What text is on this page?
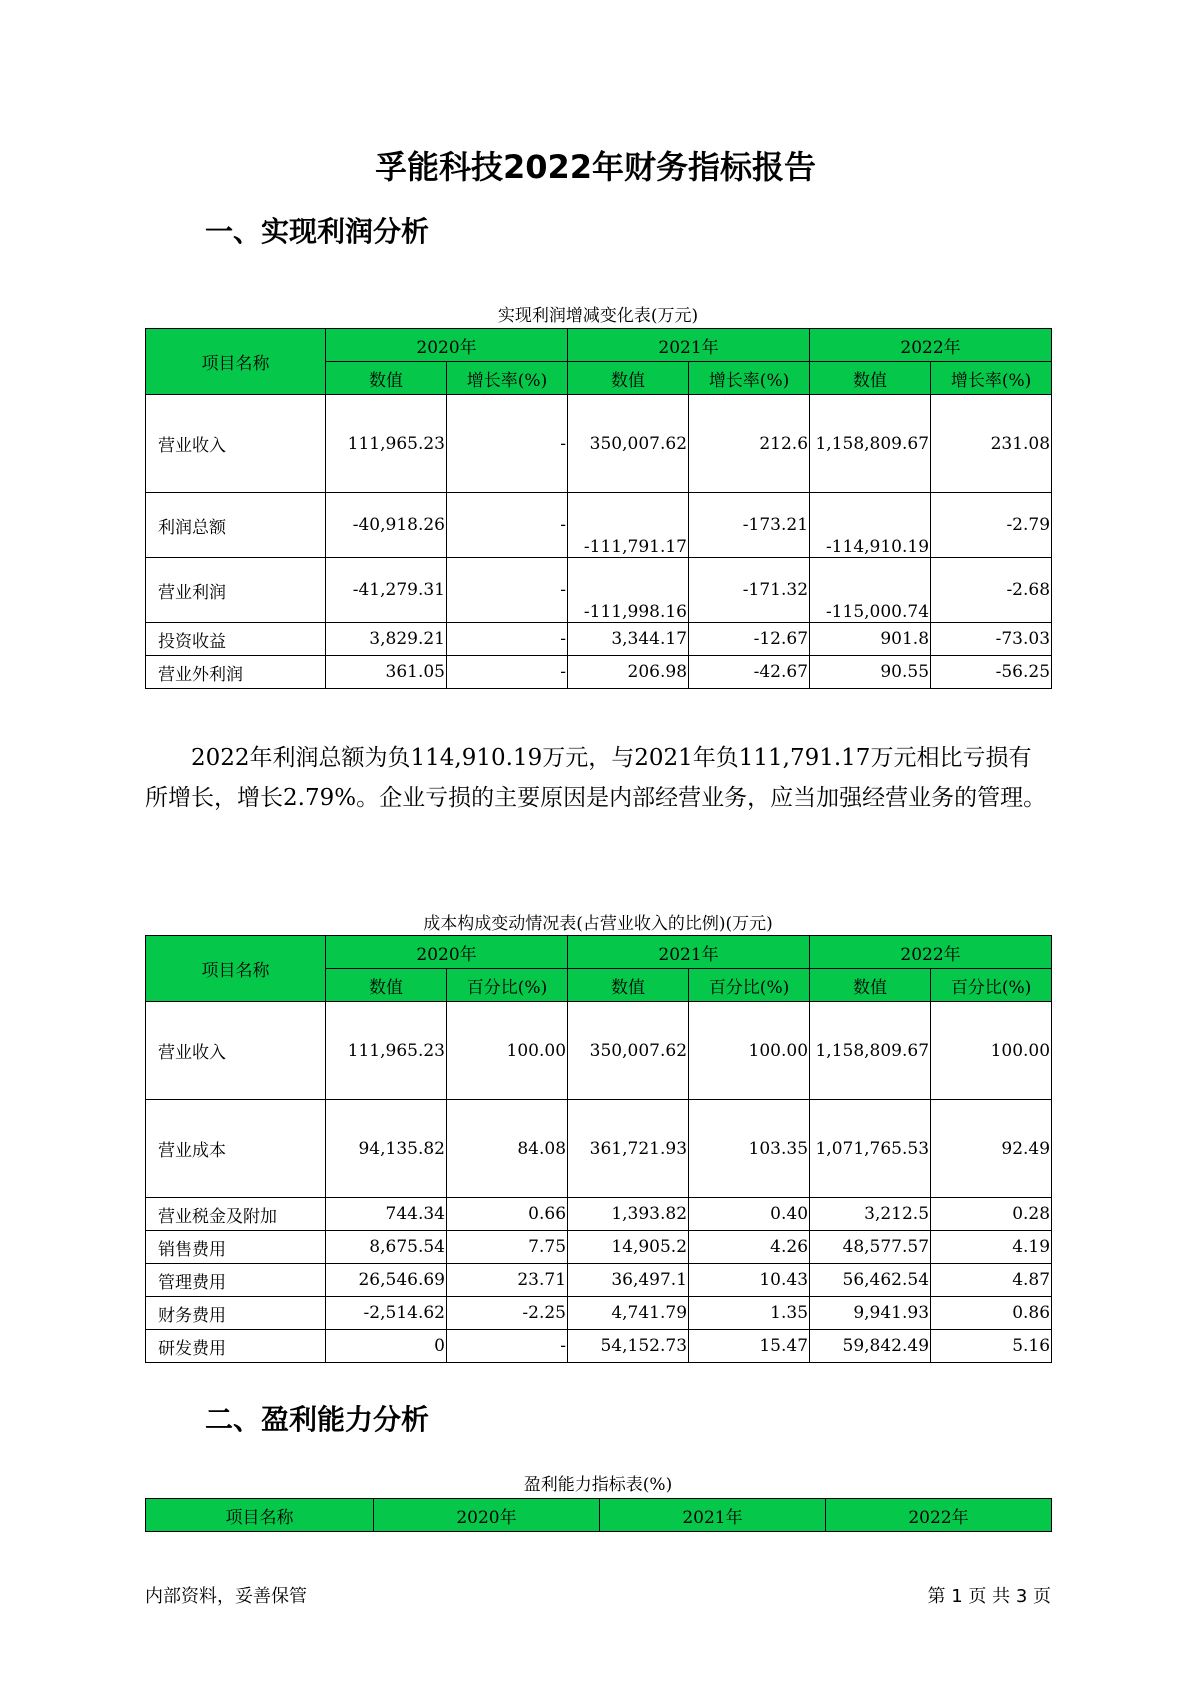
孚能科技2022年财务指标报告
一、实现利润分析
实现利润增减变化表(万元)
项目名称	2020年		2021年		2022年	
	数值	增长率(%)	数值	增长率(%)	数值	增长率(%)
营业收入	111,965.23	-	350,007.62	212.6	1,158,809.67	231.08
利润总额	-40,918.26	-	-111,791.17	-173.21	-114,910.19	-2.79
营业利润	-41,279.31	-	-111,998.16	-171.32	-115,000.74	-2.68
投资收益	3,829.21	-	3,344.17	-12.67	901.8	-73.03
营业外利润	361.05	-	206.98	-42.67	90.55	-56.25

2022年利润总额为负114,910.19万元，与2021年负111,791.17万元相比亏损有所增长，增长2.79%。企业亏损的主要原因是内部经营业务，应当加强经营业务的管理。

成本构成变动情况表(占营业收入的比例)(万元)
项目名称	2020年		2021年		2022年	
	数值	百分比(%)	数值	百分比(%)	数值	百分比(%)
营业收入	111,965.23	100.00	350,007.62	100.00	1,158,809.67	100.00
营业成本	94,135.82	84.08	361,721.93	103.35	1,071,765.53	92.49
营业税金及附加	744.34	0.66	1,393.82	0.40	3,212.5	0.28
销售费用	8,675.54	7.75	14,905.2	4.26	48,577.57	4.19
管理费用	26,546.69	23.71	36,497.1	10.43	56,462.54	4.87
财务费用	-2,514.62	-2.25	4,741.79	1.35	9,941.93	0.86
研发费用	0	-	54,152.73	15.47	59,842.49	5.16
二、盈利能力分析
盈利能力指标表(%)
项目名称	2020年	2021年	2022年
内部资料，妥善保管	第 1 页 共 3 页
